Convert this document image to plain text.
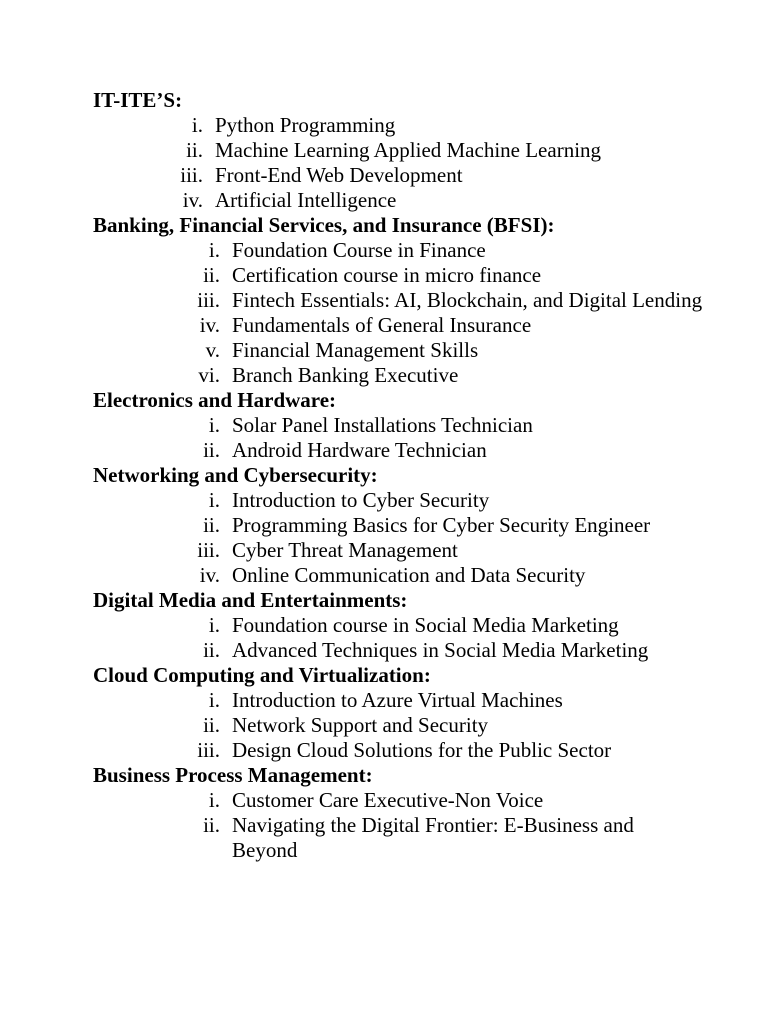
IT-ITE’S:
i. Python Programming
ii. Machine Learning Applied Machine Learning
iii. Front-End Web Development
iv. Artificial Intelligence
Banking, Financial Services, and Insurance (BFSI):
i. Foundation Course in Finance
ii. Certification course in micro finance
iii. Fintech Essentials: AI, Blockchain, and Digital Lending
iv. Fundamentals of General Insurance
v. Financial Management Skills
vi. Branch Banking Executive
Electronics and Hardware:
i. Solar Panel Installations Technician
ii. Android Hardware Technician
Networking and Cybersecurity:
i. Introduction to Cyber Security
ii. Programming Basics for Cyber Security Engineer
iii. Cyber Threat Management
iv. Online Communication and Data Security
Digital Media and Entertainments:
i. Foundation course in Social Media Marketing
ii. Advanced Techniques in Social Media Marketing
Cloud Computing and Virtualization:
i. Introduction to Azure Virtual Machines
ii. Network Support and Security
iii. Design Cloud Solutions for the Public Sector
Business Process Management:
i. Customer Care Executive-Non Voice
ii. Navigating the Digital Frontier: E-Business and Beyond
